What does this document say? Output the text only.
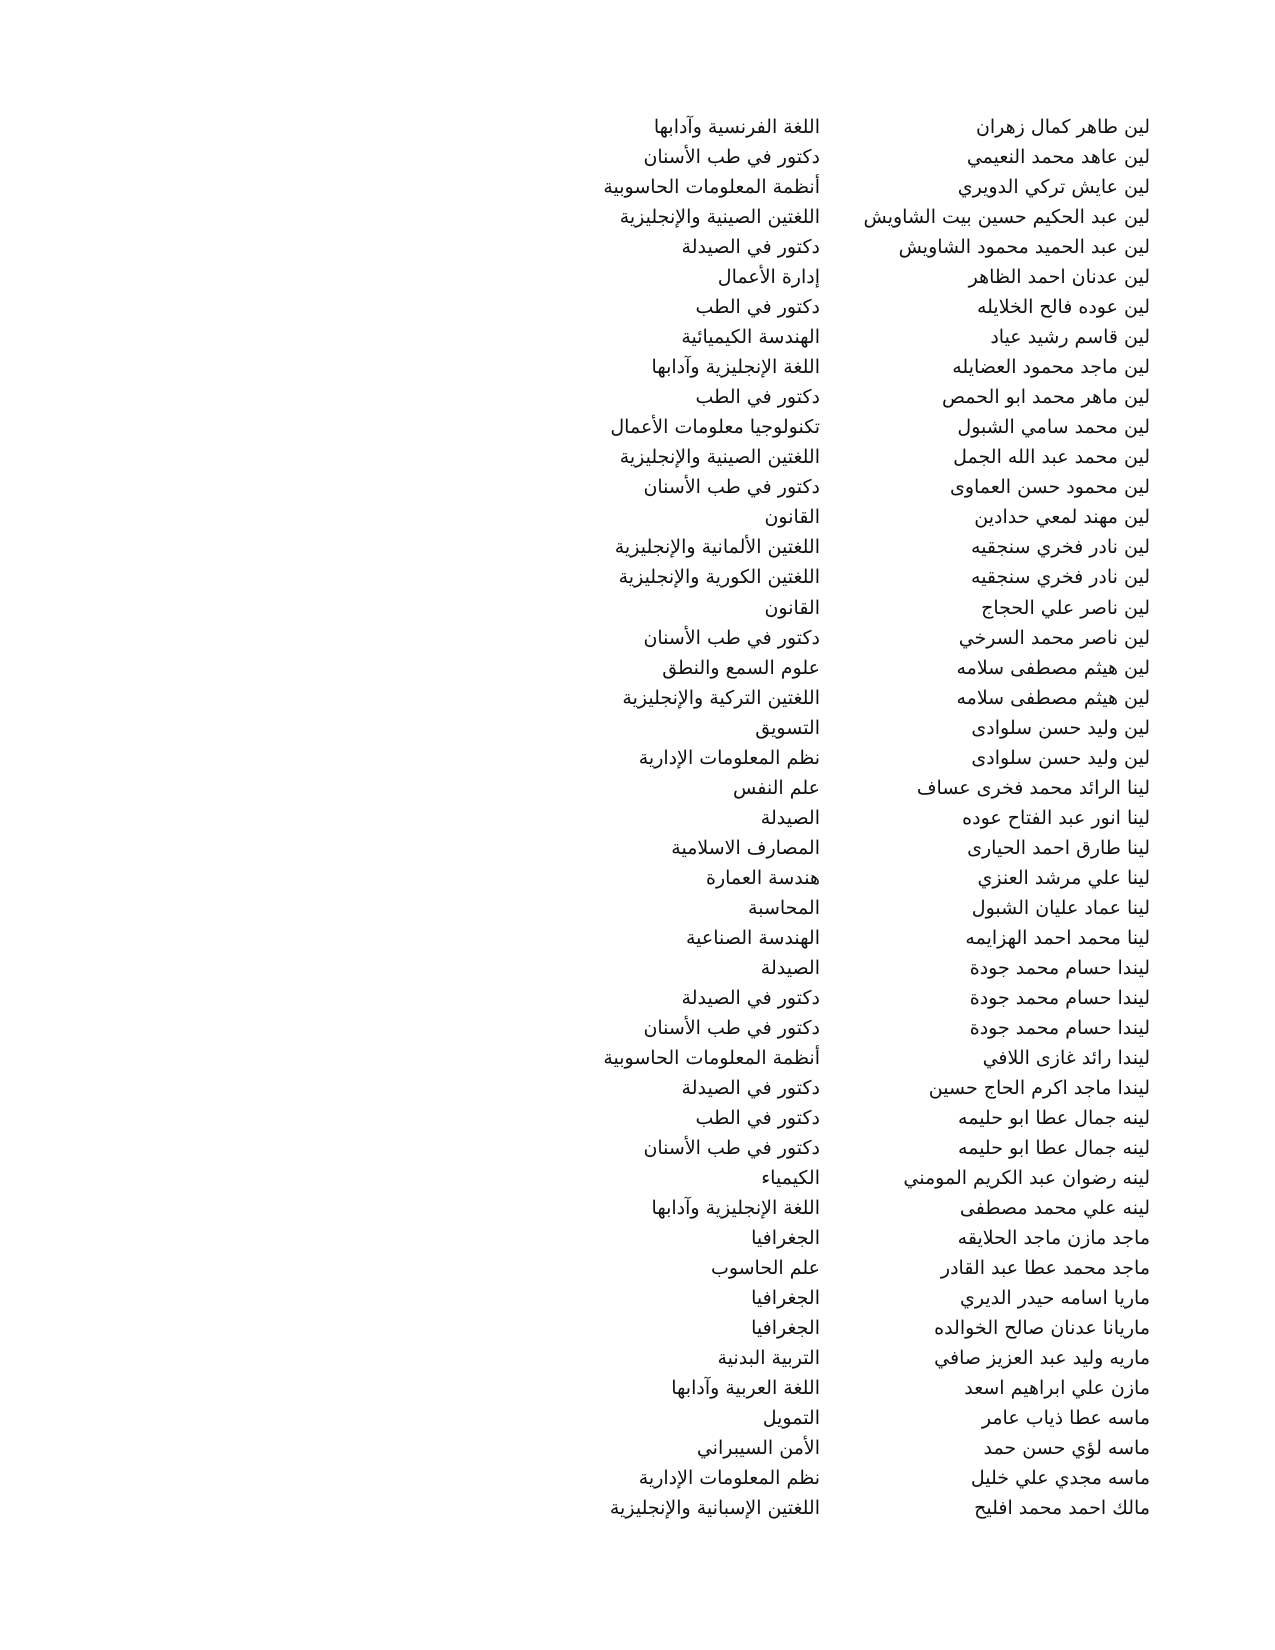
لين طاهر كمال زهران
اللغة الفرنسية وآدابها
لين عاهد محمد النعيمي
دكتور في طب الأسنان
لين عايش تركي الدويري
أنظمة المعلومات الحاسوبية
لين عبد الحكيم حسين بيت الشاويش
اللغتين الصينية والإنجليزية
لين عبد الحميد محمود الشاويش
دكتور في الصيدلة
لين عدنان احمد الظاهر
إدارة الأعمال
لين عوده فالح الخلايله
دكتور في الطب
لين قاسم رشيد عياد
الهندسة الكيميائية
لين ماجد محمود العضايله
اللغة الإنجليزية وآدابها
لين ماهر محمد ابو الحمص
دكتور في الطب
لين محمد سامي الشبول
تكنولوجيا معلومات الأعمال
لين محمد عبد الله الجمل
اللغتين الصينية والإنجليزية
لين محمود حسن العماوى
دكتور في طب الأسنان
لين مهند لمعي حدادين
القانون
لين نادر فخري سنجقيه
اللغتين الألمانية والإنجليزية
لين نادر فخري سنجقيه
اللغتين الكورية والإنجليزية
لين ناصر علي الحجاج
القانون
لين ناصر محمد السرخي
دكتور في طب الأسنان
لين هيثم مصطفى سلامه
علوم السمع والنطق
لين هيثم مصطفى سلامه
اللغتين التركية والإنجليزية
لين وليد حسن سلوادى
التسويق
لين وليد حسن سلوادى
نظم المعلومات الإدارية
لينا الرائد محمد فخرى عساف
علم النفس
لينا انور عبد الفتاح عوده
الصيدلة
لينا طارق احمد الحيارى
المصارف الاسلامية
لينا علي مرشد العنزي
هندسة العمارة
لينا عماد عليان الشبول
المحاسبة
لينا محمد احمد الهزايمه
الهندسة الصناعية
ليندا حسام محمد جودة
الصيدلة
ليندا حسام محمد جودة
دكتور في الصيدلة
ليندا حسام محمد جودة
دكتور في طب الأسنان
ليندا رائد غازى اللافي
أنظمة المعلومات الحاسوبية
ليندا ماجد اكرم الحاج حسين
دكتور في الصيدلة
لينه جمال عطا ابو حليمه
دكتور في الطب
لينه جمال عطا ابو حليمه
دكتور في طب الأسنان
لينه رضوان عبد الكريم المومني
الكيمياء
لينه علي محمد مصطفى
اللغة الإنجليزية وآدابها
ماجد مازن ماجد الحلايقه
الجغرافيا
ماجد محمد عطا عبد القادر
علم الحاسوب
ماريا اسامه حيدر الديري
الجغرافيا
ماريانا عدنان صالح الخوالده
الجغرافيا
ماريه وليد عبد العزيز صافي
التربية البدنية
مازن علي ابراهيم اسعد
اللغة العربية وآدابها
ماسه عطا ذياب عامر
التمويل
ماسه لؤي حسن حمد
الأمن السيبراني
ماسه مجدي علي خليل
نظم المعلومات الإدارية
مالك احمد محمد افليح
اللغتين الإسبانية والإنجليزية
